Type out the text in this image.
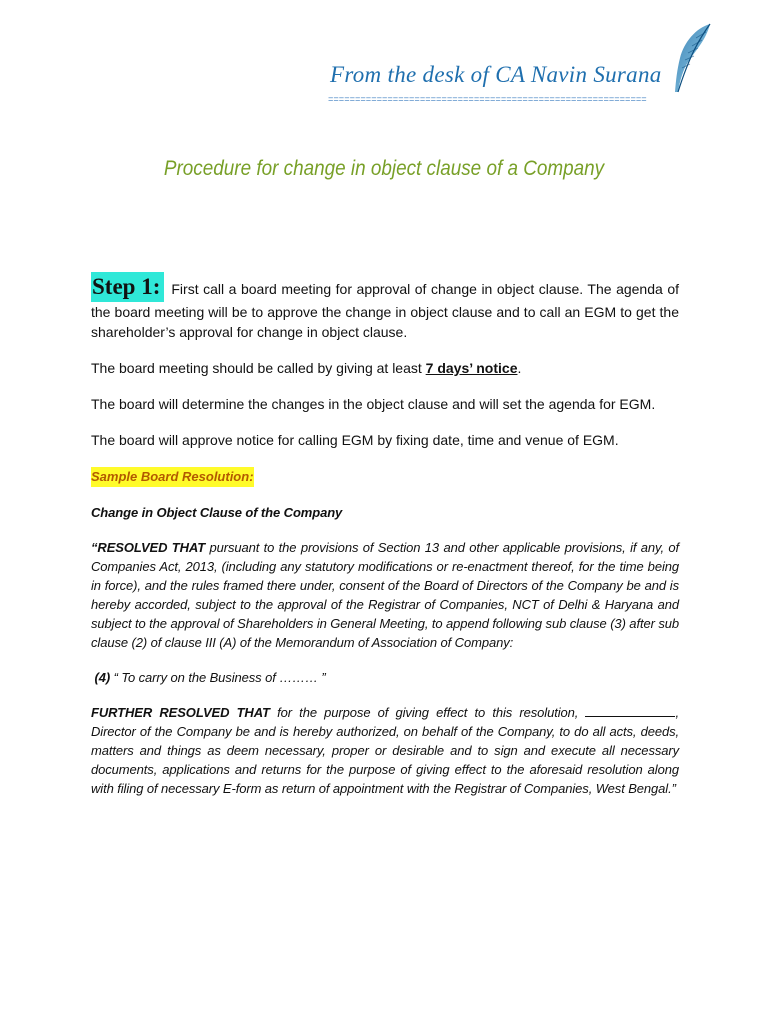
From the desk of CA Navin Surana
===========================================================
Procedure for change in object clause of a Company

Step 1: First call a board meeting for approval of change in object clause. The agenda of the board meeting will be to approve the change in object clause and to call an EGM to get the shareholder’s approval for change in object clause.

The board meeting should be called by giving at least 7 days’ notice.

The board will determine the changes in the object clause and will set the agenda for EGM.

The board will approve notice for calling EGM by fixing date, time and venue of EGM.

Sample Board Resolution:

Change in Object Clause of the Company

“RESOLVED THAT pursuant to the provisions of Section 13 and other applicable provisions, if any, of Companies Act, 2013, (including any statutory modifications or re-enactment thereof, for the time being in force), and the rules framed there under, consent of the Board of Directors of the Company be and is hereby accorded, subject to the approval of the Registrar of Companies, NCT of Delhi & Haryana and subject to the approval of Shareholders in General Meeting, to append following sub clause (3) after sub clause (2) of clause III (A) of the Memorandum of Association of Company:

(4) “ To carry on the Business of ……… ”

FURTHER RESOLVED THAT for the purpose of giving effect to this resolution,	, Director of the Company be and is hereby authorized, on behalf of the Company, to do all acts, deeds, matters and things as deem necessary, proper or desirable and to sign and execute all necessary documents, applications and returns for the purpose of giving effect to the aforesaid resolution along with filing of necessary E-form as return of appointment with the Registrar of Companies, West Bengal.”
